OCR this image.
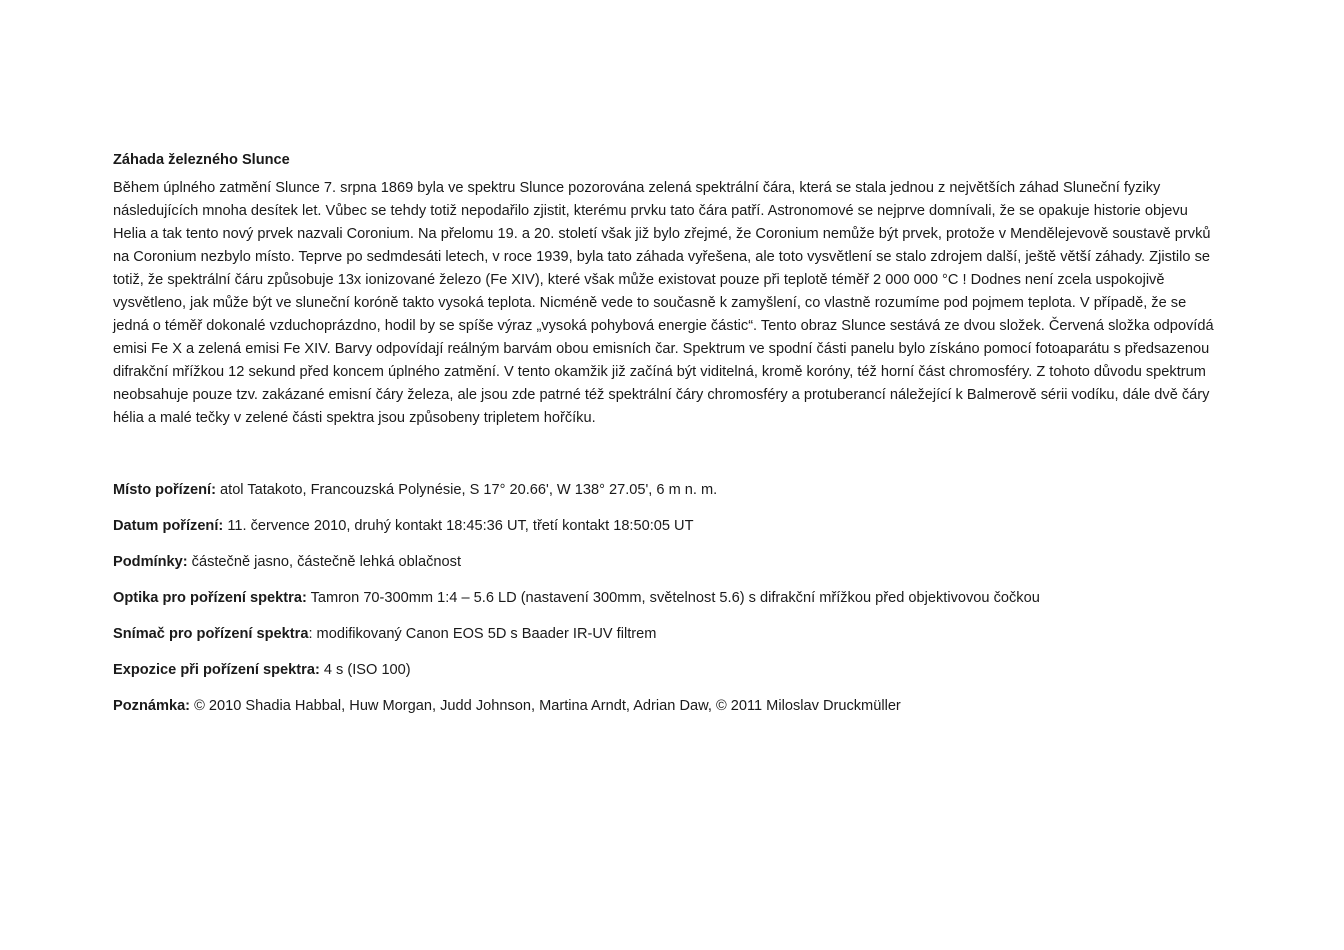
Záhada železného Slunce

Během úplného zatmění Slunce 7. srpna 1869 byla ve spektru Slunce pozorována zelená spektrální čára, která se stala jednou z největších záhad Sluneční fyziky následujících mnoha desítek let. Vůbec se tehdy totiž nepodařilo zjistit, kterému prvku tato čára patří. Astronomové se nejprve domnívali, že se opakuje historie objevu Helia a tak tento nový prvek nazvali Coronium. Na přelomu 19. a 20. století však již bylo zřejmé, že Coronium nemůže být prvek, protože v Mendělejevově soustavě prvků na Coronium nezbylo místo. Teprve po sedmdesáti letech, v roce 1939, byla tato záhada vyřešena, ale toto vysvětlení se stalo zdrojem další, ještě větší záhady. Zjistilo se totiž, že spektrální čáru způsobuje 13x ionizované železo (Fe XIV), které však může existovat pouze při teplotě téměř 2 000 000 °C ! Dodnes není zcela uspokojivě vysvětleno, jak může být ve sluneční koróně takto vysoká teplota. Nicméně vede to současně k zamyšlení, co vlastně rozumíme pod pojmem teplota. V případě, že se jedná o téměř dokonalé vzduchoprázdno, hodil by se spíše výraz „vysoká pohybová energie částic“. Tento obraz Slunce sestává ze dvou složek. Červená složka odpovídá emisi Fe X a zelená emisi Fe XIV. Barvy odpovídají reálným barvám obou emisních čar. Spektrum ve spodní části panelu bylo získáno pomocí fotoaparátu s předsazenou difrakční mřížkou 12 sekund před koncem úplného zatmění. V tento okamžik již začíná být viditelná, kromě koróny, též horní část chromosféry. Z tohoto důvodu spektrum neobsahuje pouze tzv. zakázané emisní čáry železa, ale jsou zde patrné též spektrální čáry chromosféry a protuberancí náležející k Balmerově sérii vodíku, dále dvě čáry hélia a malé tečky v zelené části spektra jsou způsobeny tripletem hořčíku.

Místo pořízení: atol Tatakoto, Francouzská Polynésie, S 17° 20.66', W 138° 27.05', 6 m n. m.
Datum pořízení: 11. července 2010, druhý kontakt 18:45:36 UT, třetí kontakt 18:50:05 UT
Podmínky: částečně jasno, částečně lehká oblačnost
Optika pro pořízení spektra: Tamron 70-300mm 1:4 – 5.6 LD (nastavení 300mm, světelnost 5.6) s difrakční mřížkou před objektivovou čočkou
Snímač pro pořízení spektra: modifikovaný Canon EOS 5D s Baader IR-UV filtrem
Expozice při pořízení spektra: 4 s (ISO 100)
Poznámka: © 2010 Shadia Habbal, Huw Morgan, Judd Johnson, Martina Arndt, Adrian Daw, © 2011 Miloslav Druckmüller
